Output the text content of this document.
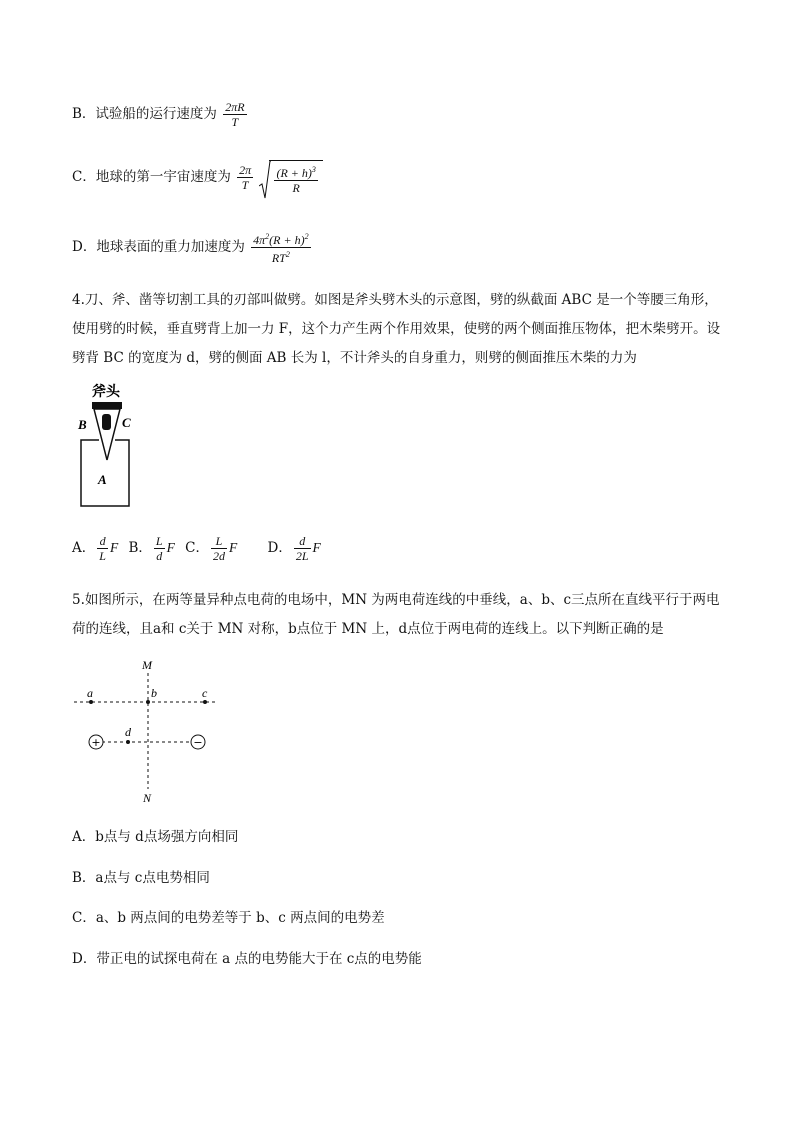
B．试验船的运行速度为 $\frac{2\pi R}{T}$
C．地球的第一宇宙速度为 $\frac{2\pi}{T}$
$\frac{(R + h)^3}{R}$
D．地球表面的重力加速度为 $\frac{4\pi^2(R + h)^2}{RT^2}$
4.刀、斧、凿等切割工具的刃部叫做劈。如图是斧头劈木头的示意图，劈的纵截面 ABC 是一个等腰三角形，使用劈的时候，垂直劈背上加一力 F，这个力产生两个作用效果，使劈的两个侧面推压物体，把木柴劈开。设劈背 BC 的宽度为 d，劈的侧面 AB 长为 l，不计斧头的自身重力，则劈的侧面推压木柴的力为
斧头
B	C
A
A． $\frac{d}{L}$ F B． $\frac{L}{d}$ F C． $\frac{L}{2d}$ F D． $\frac{d}{2L}$ F
5.如图所示，在两等量异种点电荷的电场中，MN 为两电荷连线的中垂线，a、b、c三点所在直线平行于两电荷的连线，且a和 c关于 MN 对称，b点位于 MN 上，d点位于两电荷的连线上。以下判断正确的是
M
N
a	b	c
d
+	−
A．b点与 d点场强方向相同
B．a点与 c点电势相同
C．a、b 两点间的电势差等于 b、c 两点间的电势差
D．带正电的试探电荷在 a 点的电势能大于在 c点的电势能
